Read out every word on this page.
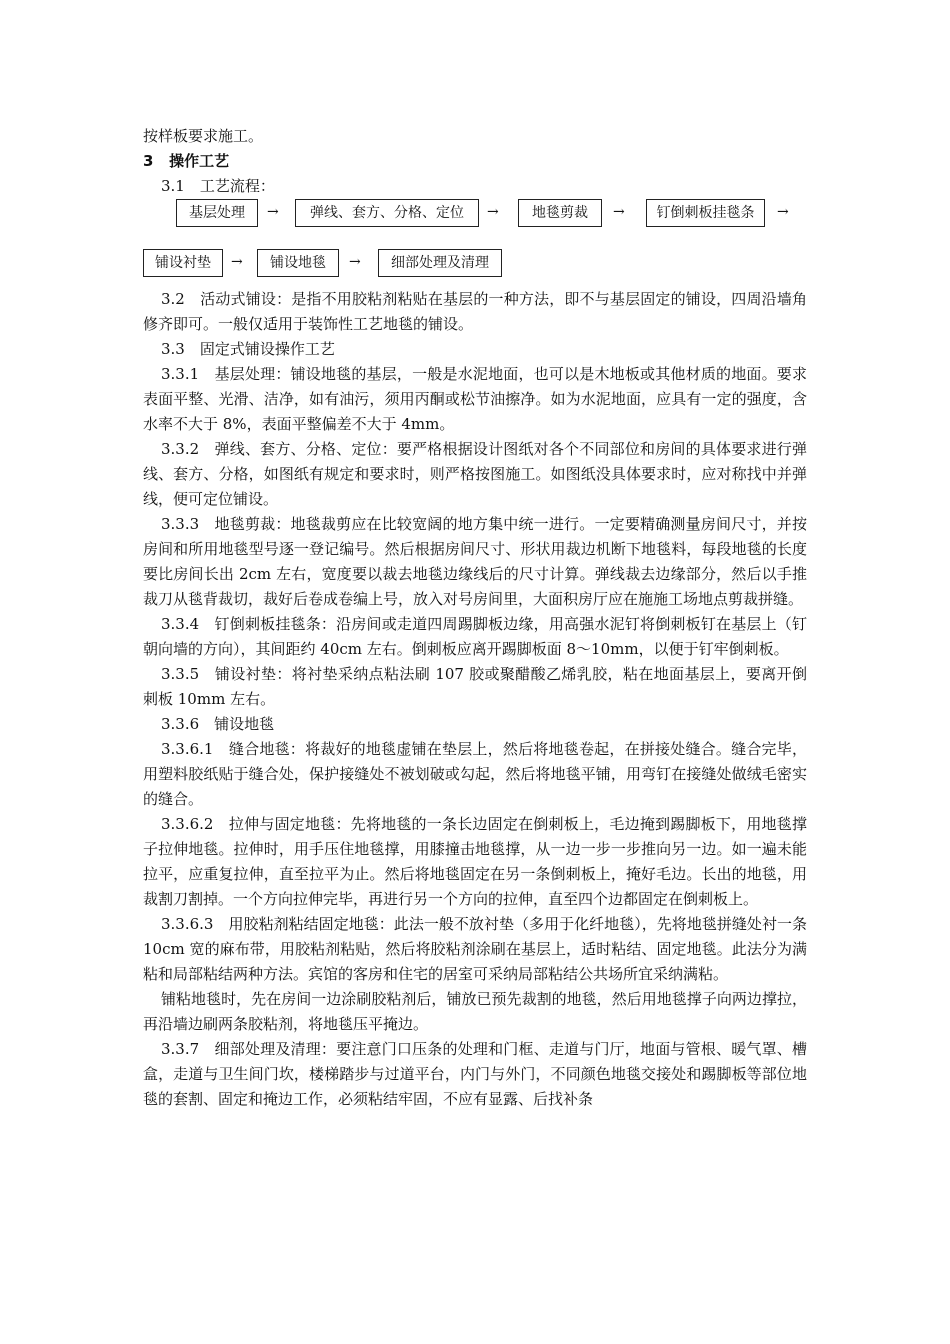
按样板要求施工。
3 操作工艺
3.1　工艺流程：
基层处理	→	弹线、套方、分格、定位	→	地毯剪裁	→	钉倒刺板挂毯条	→
铺设衬垫	→	铺设地毯	→	细部处理及清理

3.2　活动式铺设：是指不用胶粘剂粘贴在基层的一种方法，即不与基层固定的铺设，四周沿墙角修齐即可。一般仅适用于装饰性工艺地毯的铺设。

3.3　固定式铺设操作工艺

3.3.1　基层处理：铺设地毯的基层，一般是水泥地面，也可以是木地板或其他材质的地面。要求表面平整、光滑、洁净，如有油污，须用丙酮或松节油擦净。如为水泥地面，应具有一定的强度，含水率不大于 8%，表面平整偏差不大于 4mm。

3.3.2　弹线、套方、分格、定位：要严格根据设计图纸对各个不同部位和房间的具体要求进行弹线、套方、分格，如图纸有规定和要求时，则严格按图施工。如图纸没具体要求时，应对称找中并弹线，便可定位铺设。

3.3.3　地毯剪裁：地毯裁剪应在比较宽阔的地方集中统一进行。一定要精确测量房间尺寸，并按房间和所用地毯型号逐一登记编号。然后根据房间尺寸、形状用裁边机断下地毯料，每段地毯的长度要比房间长出 2cm 左右，宽度要以裁去地毯边缘线后的尺寸计算。弹线裁去边缘部分，然后以手推裁刀从毯背裁切，裁好后卷成卷编上号，放入对号房间里，大面积房厅应在施施工场地点剪裁拼缝。

3.3.4　钉倒刺板挂毯条：沿房间或走道四周踢脚板边缘，用高强水泥钉将倒刺板钉在基层上（钉朝向墙的方向），其间距约 40cm 左右。倒刺板应离开踢脚板面 8～10mm，以便于钉牢倒刺板。

3.3.5　铺设衬垫：将衬垫采纳点粘法刷 107 胶或聚醋酸乙烯乳胶，粘在地面基层上，要离开倒刺板 10mm 左右。

3.3.6　铺设地毯

3.3.6.1　缝合地毯：将裁好的地毯虚铺在垫层上，然后将地毯卷起，在拼接处缝合。缝合完毕，用塑料胶纸贴于缝合处，保护接缝处不被划破或勾起，然后将地毯平铺，用弯钉在接缝处做绒毛密实的缝合。

3.3.6.2　拉伸与固定地毯：先将地毯的一条长边固定在倒刺板上，毛边掩到踢脚板下，用地毯撑子拉伸地毯。拉伸时，用手压住地毯撑，用膝撞击地毯撑，从一边一步一步推向另一边。如一遍未能拉平，应重复拉伸，直至拉平为止。然后将地毯固定在另一条倒刺板上，掩好毛边。长出的地毯，用裁割刀割掉。一个方向拉伸完毕，再进行另一个方向的拉伸，直至四个边都固定在倒刺板上。

3.3.6.3　用胶粘剂粘结固定地毯：此法一般不放衬垫（多用于化纤地毯），先将地毯拼缝处衬一条 10cm 宽的麻布带，用胶粘剂粘贴，然后将胶粘剂涂刷在基层上，适时粘结、固定地毯。此法分为满粘和局部粘结两种方法。宾馆的客房和住宅的居室可采纳局部粘结公共场所宜采纳满粘。

铺粘地毯时，先在房间一边涂刷胶粘剂后，铺放已预先裁割的地毯，然后用地毯撑子向两边撑拉，再沿墙边刷两条胶粘剂，将地毯压平掩边。

3.3.7　细部处理及清理：要注意门口压条的处理和门框、走道与门厅，地面与管根、暖气罩、槽盒，走道与卫生间门坎，楼梯踏步与过道平台，内门与外门，不同颜色地毯交接处和踢脚板等部位地毯的套割、固定和掩边工作，必须粘结牢固，不应有显露、后找补条
